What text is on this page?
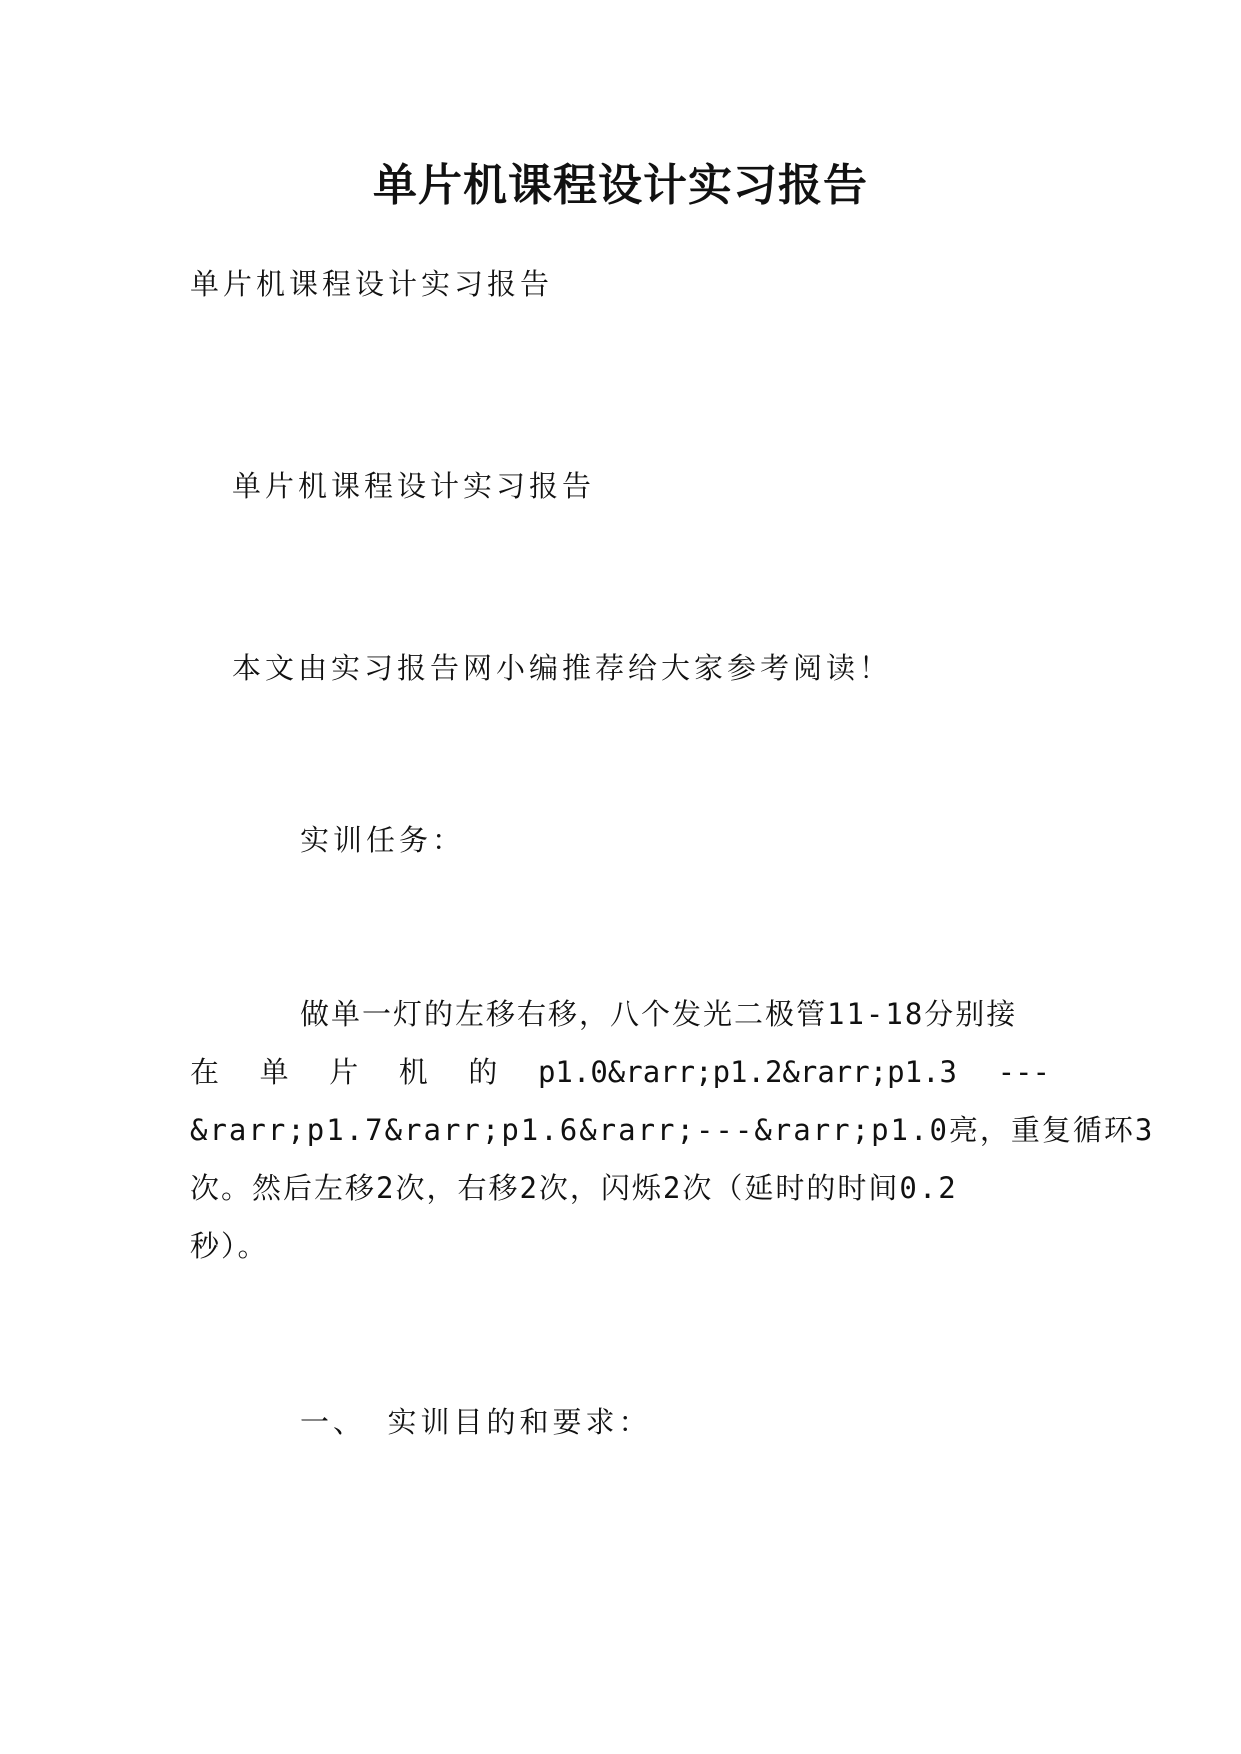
单片机课程设计实习报告
单片机课程设计实习报告
单片机课程设计实习报告
本文由实习报告网小编推荐给大家参考阅读！
实训任务：
做单一灯的左移右移，八个发光二极管11-18分别接
在 单 片 机 的 p1.0&rarr;p1.2&rarr;p1.3 ---
&rarr;p1.7&rarr;p1.6&rarr;---&rarr;p1.0亮，重复循环3
次。然后左移2次，右移2次，闪烁2次（延时的时间0.2
秒）。
一、 实训目的和要求：
